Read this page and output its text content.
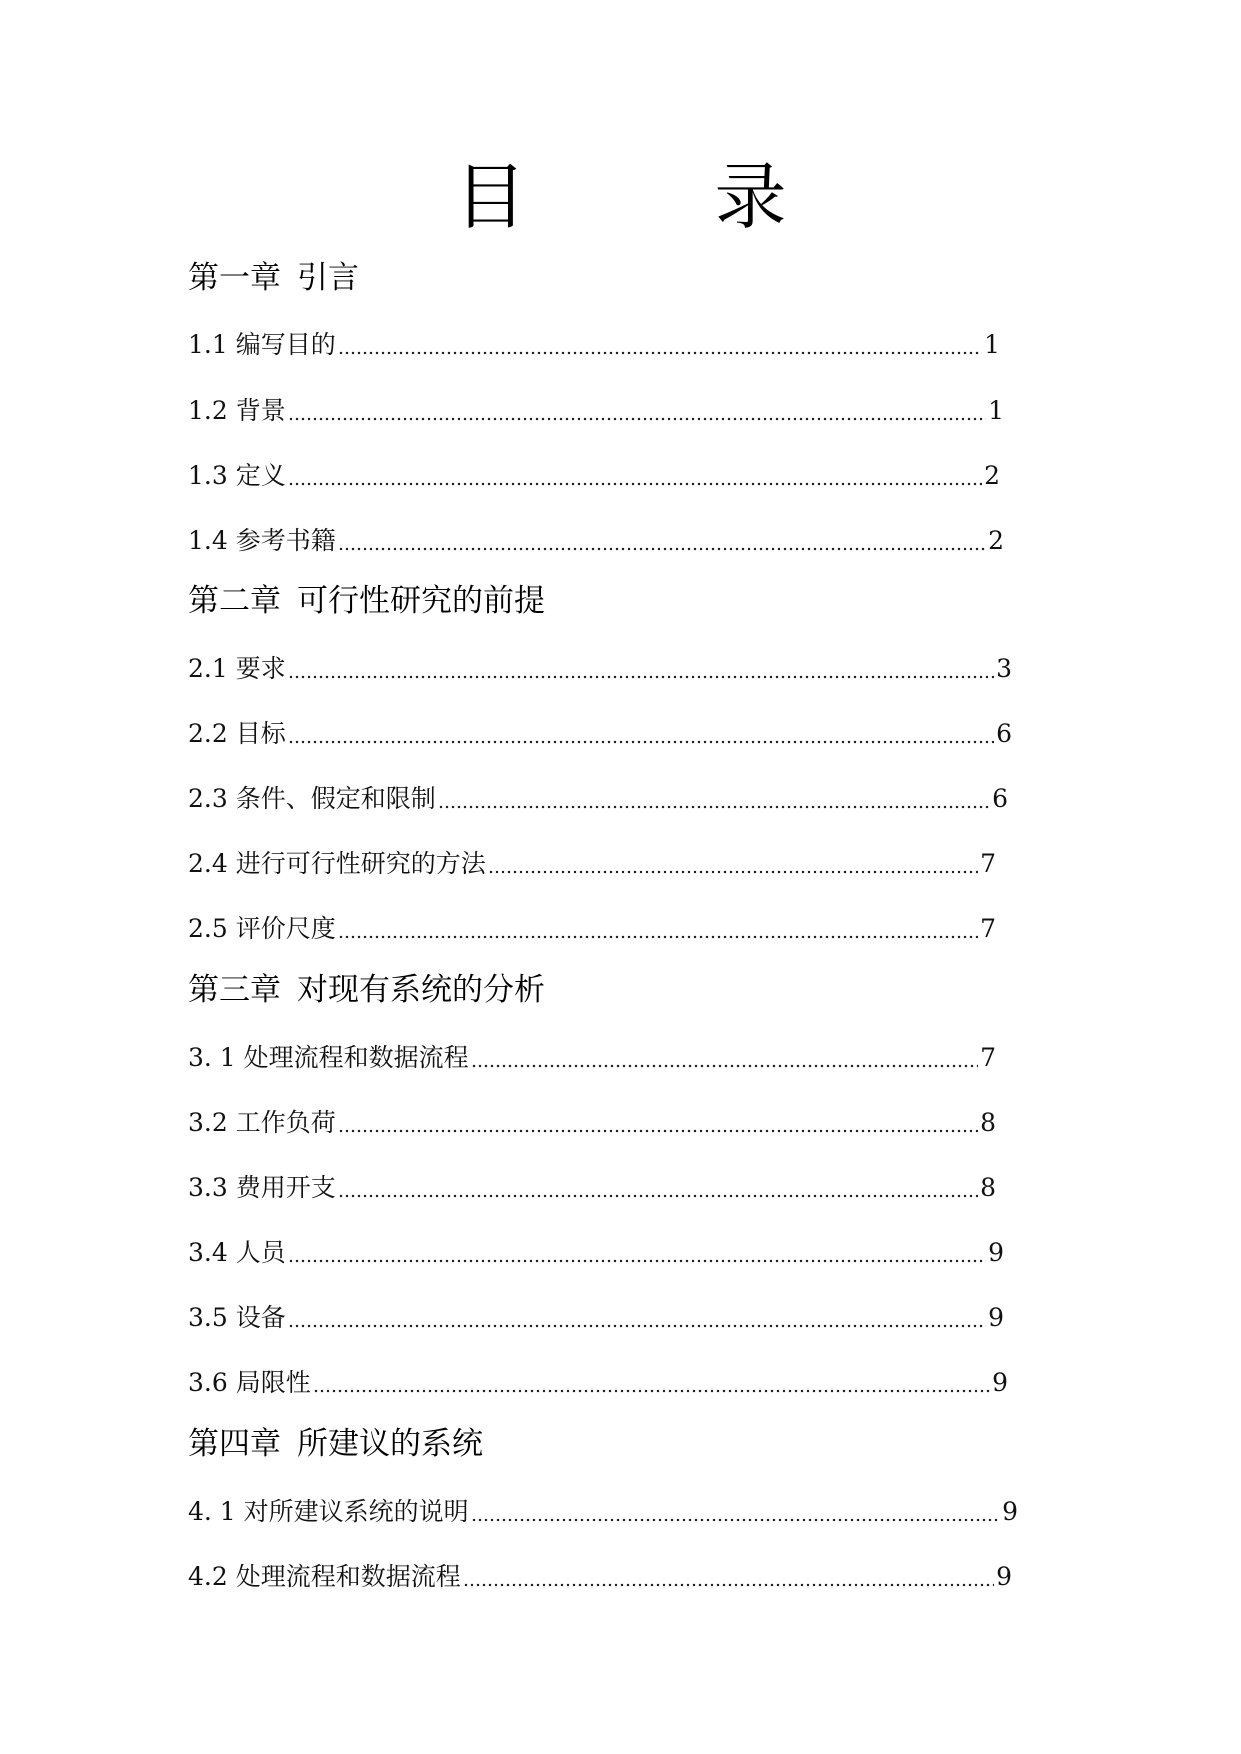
目　录
第一章 引言
1.1 编写目的	1
1.2 背景	1
1.3 定义	2
1.4 参考书籍	2
第二章 可行性研究的前提
2.1 要求	3
2.2 目标	6
2.3 条件、假定和限制	6
2.4 进行可行性研究的方法	7
2.5 评价尺度	7
第三章 对现有系统的分析
3. 1 处理流程和数据流程	7
3.2 工作负荷	8
3.3 费用开支	8
3.4 人员	9
3.5 设备	9
3.6 局限性	9
第四章 所建议的系统
4. 1 对所建议系统的说明	9
4.2 处理流程和数据流程	9
